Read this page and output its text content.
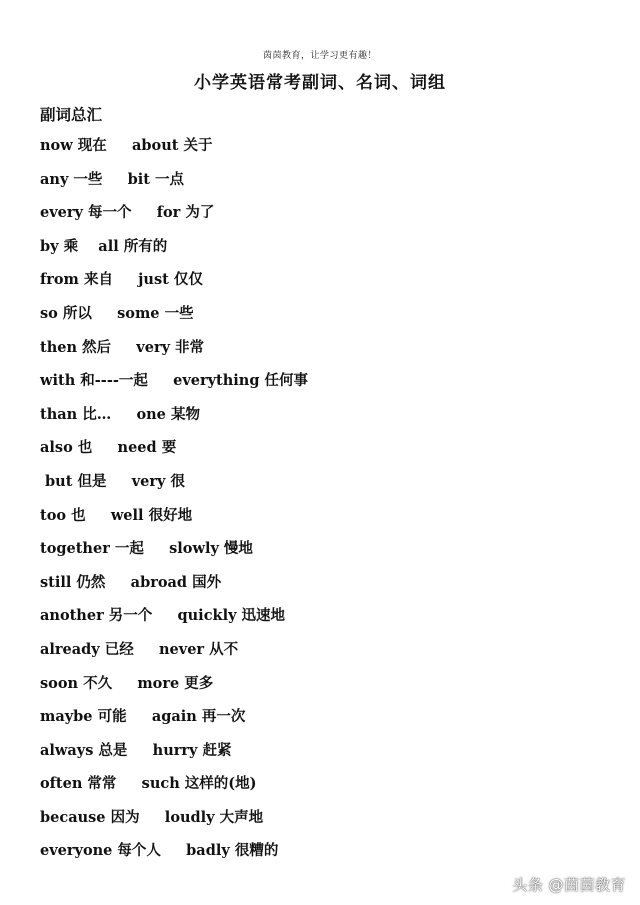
茵茵教育，让学习更有趣！
小学英语常考副词、名词、词组
副词总汇
now 现在     about 关于
any 一些     bit 一点
every 每一个     for 为了
by 乘    all 所有的
from 来自     just 仅仅
so 所以     some 一些
then 然后     very 非常
with 和----一起     everything 任何事
than 比…     one 某物
also 也     need 要
but 但是     very 很
too 也     well 很好地
together 一起     slowly 慢地
still 仍然     abroad 国外
another 另一个     quickly 迅速地
already 已经     never 从不
soon 不久     more 更多
maybe 可能     again 再一次
always 总是     hurry 赶紧
often 常常     such 这样的(地)
because 因为     loudly 大声地
everyone 每个人     badly 很糟的
头条 @茵茵教育
